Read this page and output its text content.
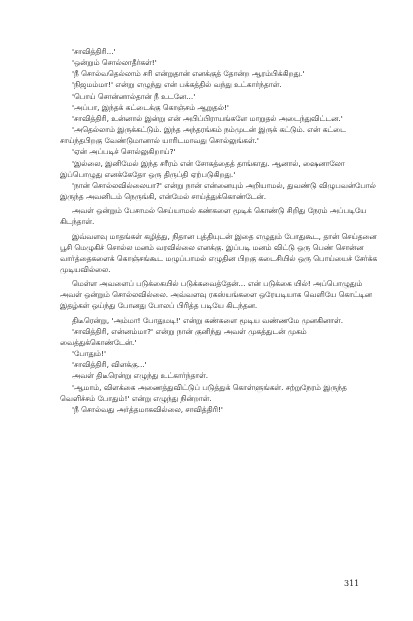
'சாவித்திரி...'

'ஒன்றும் சொல்லாதீர்கள்!'

'நீ சொல்வதெல்லாம் சரி என்றுதான் எனக்குத் தோன்ற ஆரம்பிக்கிறது.'

'நிஜமம்மா!' என்று எழுந்து என் பக்கத்தில் வந்து உட்கார்ந்தாள்.

'பொய் சொன்னால்தான் நீ உடனே...'

'அப்பா, இந்தக் கட்டைக்கு கொஞ்சம் ஆறுதல்!'

'சாவித்திரி, உன்னால் இன்று என் அபிப்பிராயங்களே மாறுதல் அடைந்துவிட்டன.'

'அதெல்லாம் இருக்கட்டும். இந்த அந்தரங்கம் நம்முடன் இருக் கட்டும். என் கட்டை சாய்ந்தபிறகு வேண்டுமானால் யாரிடமாவது சொல்லுங்கள்.'

'ஏன் அப்படிச் சொல்லுகிறாய்?'

'இல்லை, இனிமேல் இந்த சரீரம் என் சோகத்தைத் தாங்காது. ஆனால், ஷைனாலோ இப்பொழுது எனக்கேதோ ஒரு திருப்தி ஏற்படுகிறது.'

'நான் சொல்லவில்லையா?' என்று நான் என்னையும் அறியாமல், துவண்டு விழுபவன்போல் இருந்த அவனிடம் நெருங்கி, என்மேல் சாய்த்துக்கொண்டேன்.

அவள் ஒன்றும் பேசாமல் செய்யாமல் கண்களை மூடிக் கொண்டு சிறிது நேரம் அப்படியே கிடந்தாள்.

இவ்வளவு மாதங்கள் கழித்து, நிதான புத்தியுடன் இதை எழுதும் போதுகூட, தான் செய்தனை பூசி மெழுகிச் சொல்ல மனம் வரவில்லை எனக்கு. இப்படி மனம் விட்டு ஒரு பெண் சொன்ன வார்த்தைகளைக் கொஞ்சங்கூட மழுப்பாமல் எழுதின பிறகு கடைசியில் ஒரு பொய்யைச் சேர்க்க முடியவில்லை.

மெள்ள அவளைப் படுக்கையில் படுக்கவைத்தேன்... என் படுக்கை யில்! அப்பொழுதும் அவள் ஒன்றும் சொல்லவில்லை. அவ்வளவு ரகஸ்யங்களை ஒரேயடியாக வெளியே கொட்டின இதழ்கள் ஒய்ந்து போனது போலப் பிரித்த படியே கிடந்தன.

திடீரென்று, 'அம்மா! போதுமடி!' என்று கண்களை மூடிய வண்ணமே முனகினாள்.

'சாவித்திரி, என்னம்மா?' என்று நான் குனிந்து அவள் முகத்துடன் முகம் வைத்துக்கொண்டேன்.'

'போதும்!'

'சாவித்திரி, விளக்கு...'

அவள் திடீரென்று எழுந்து உட்கார்ந்தாள்.

'ஆமாம், விளக்கை அணைத்துவிட்டுப் படுத்துக் கொள்ளுங்கள். சற்றுநேரம் இருந்த வெளிச்சம் போதும்!' என்று எழுந்து நின்றாள்.

'நீ சொல்வது அர்த்தமாகவில்லை, சாவித்திரி!'

311
